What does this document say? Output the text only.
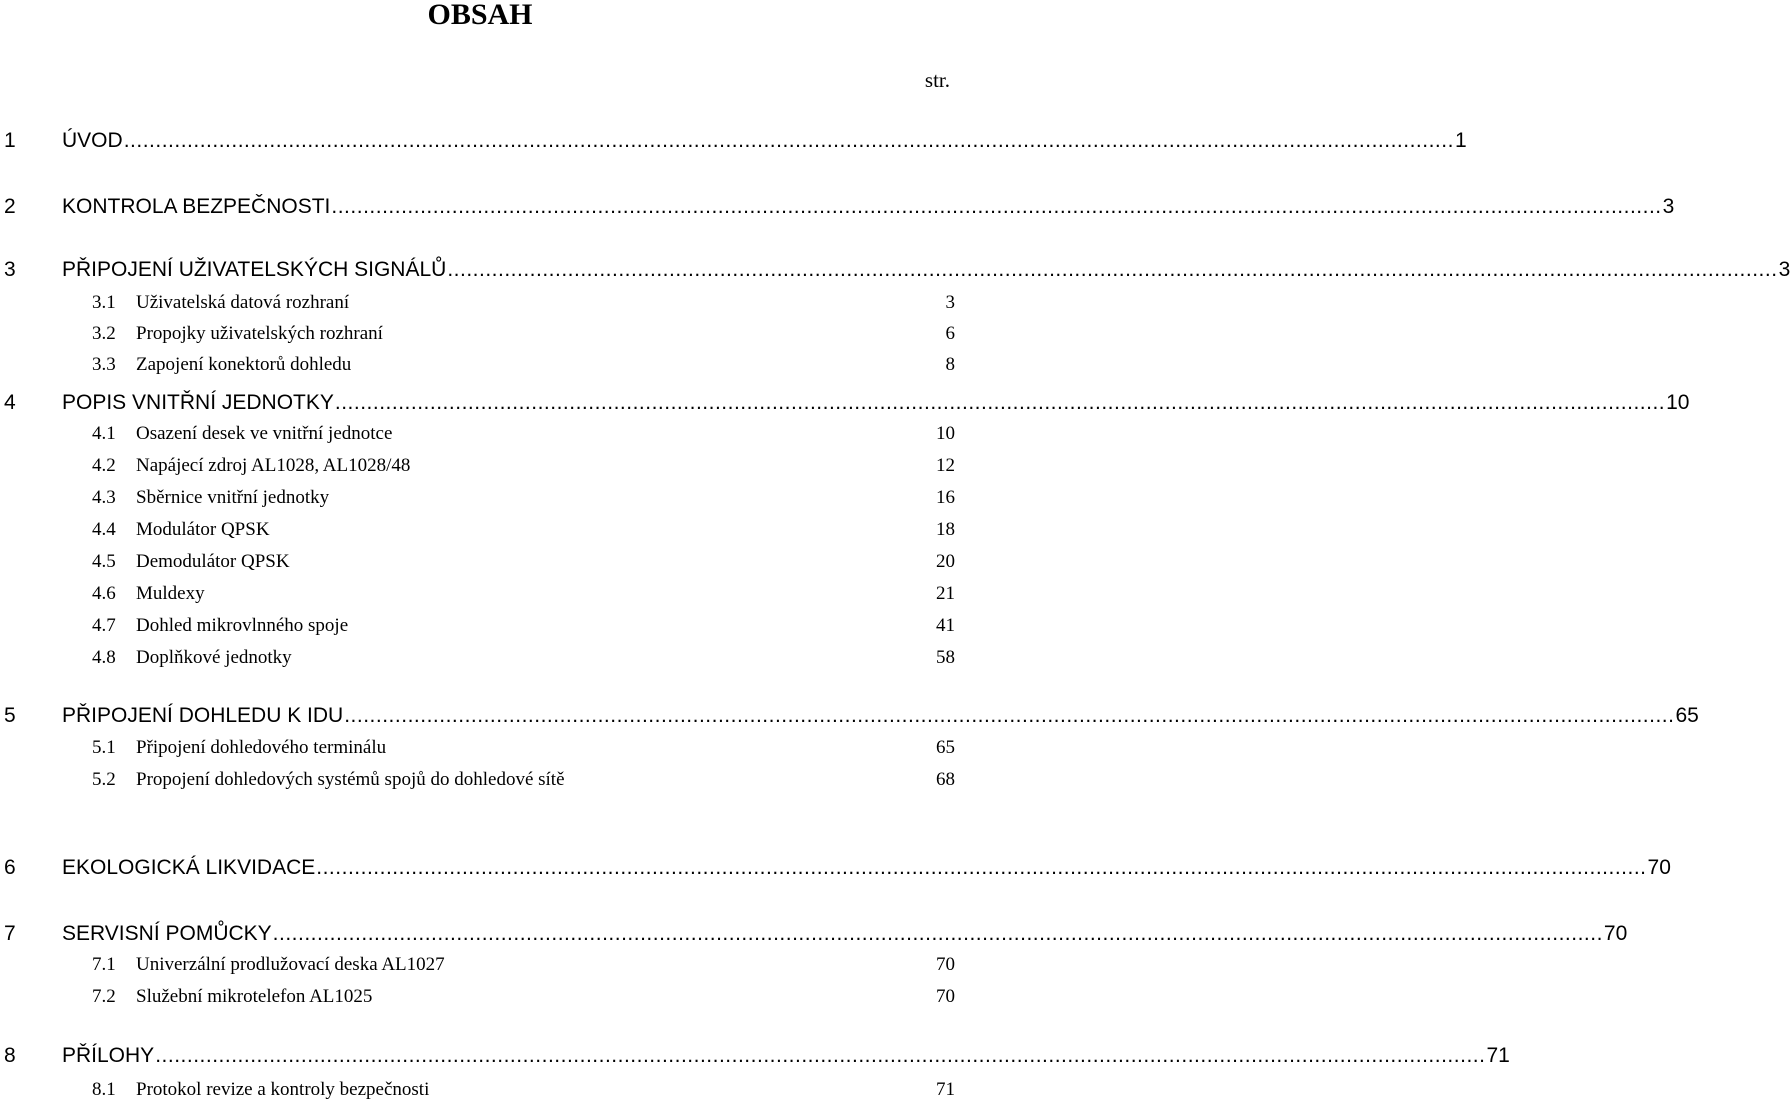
OBSAH
str.
1 ÚVOD .................................................................................................................................................................................................................. 1
2 KONTROLA BEZPEČNOSTI .................................................................................................................................................................................................................. 3
3 PŘIPOJENÍ UŽIVATELSKÝCH SIGNÁLŮ .................................................................................................................................................................................................................. 3
3.1 Uživatelská datová rozhraní	3
3.2 Propojky uživatelských rozhraní	6
3.3 Zapojení konektorů dohledu	8
4 POPIS VNITŘNÍ JEDNOTKY .................................................................................................................................................................................................................. 10
4.1 Osazení desek ve vnitřní jednotce	10
4.2 Napájecí zdroj AL1028, AL1028/48	12
4.3 Sběrnice vnitřní jednotky	16
4.4 Modulátor QPSK	18
4.5 Demodulátor QPSK	20
4.6 Muldexy	21
4.7 Dohled mikrovlnného spoje	41
4.8 Doplňkové jednotky	58
5 PŘIPOJENÍ DOHLEDU K IDU .................................................................................................................................................................................................................. 65
5.1 Připojení dohledového terminálu	65
5.2 Propojení dohledových systémů spojů do dohledové sítě	68
6 EKOLOGICKÁ LIKVIDACE .................................................................................................................................................................................................................. 70
7 SERVISNÍ POMŮCKY .................................................................................................................................................................................................................. 70
7.1 Univerzální prodlužovací deska AL1027	70
7.2 Služební mikrotelefon AL1025	70
8 PŘÍLOHY .................................................................................................................................................................................................................. 71
8.1 Protokol revize a kontroly bezpečnosti	71
